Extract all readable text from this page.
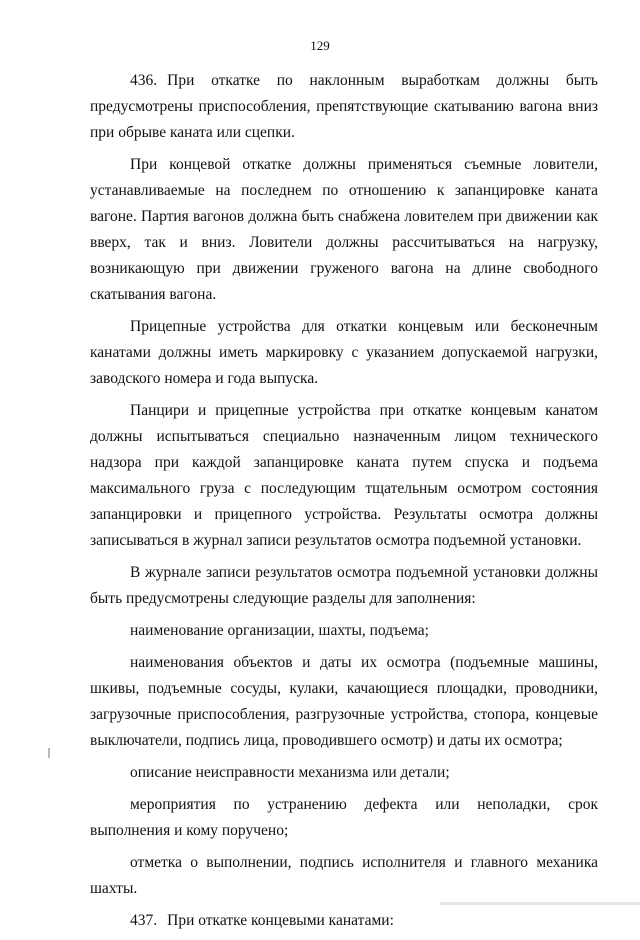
129

436. При откатке по наклонным выработкам должны быть предусмотрены приспособления, препятствующие скатыванию вагона вниз при обрыве каната или сцепки.

При концевой откатке должны применяться съемные ловители, устанавливаемые на последнем по отношению к запанцировке каната вагоне. Партия вагонов должна быть снабжена ловителем при движении как вверх, так и вниз. Ловители должны рассчитываться на нагрузку, возникающую при движении груженого вагона на длине свободного скатывания вагона.

Прицепные устройства для откатки концевым или бесконечным канатами должны иметь маркировку с указанием допускаемой нагрузки, заводского номера и года выпуска.

Панцири и прицепные устройства при откатке концевым канатом должны испытываться специально назначенным лицом технического надзора при каждой запанцировке каната путем спуска и подъема максимального груза с последующим тщательным осмотром состояния запанцировки и прицепного устройства. Результаты осмотра должны записываться в журнал записи результатов осмотра подъемной установки.

В журнале записи результатов осмотра подъемной установки должны быть предусмотрены следующие разделы для заполнения:

наименование организации, шахты, подъема;

наименования объектов и даты их осмотра (подъемные машины, шкивы, подъемные сосуды, кулаки, качающиеся площадки, проводники, загрузочные приспособления, разгрузочные устройства, стопора, концевые выключатели, подпись лица, проводившего осмотр) и даты их осмотра;

описание неисправности механизма или детали;

мероприятия по устранению дефекта или неполадки, срок выполнения и кому поручено;

отметка о выполнении, подпись исполнителя и главного механика шахты.

437. При откатке концевыми канатами:
